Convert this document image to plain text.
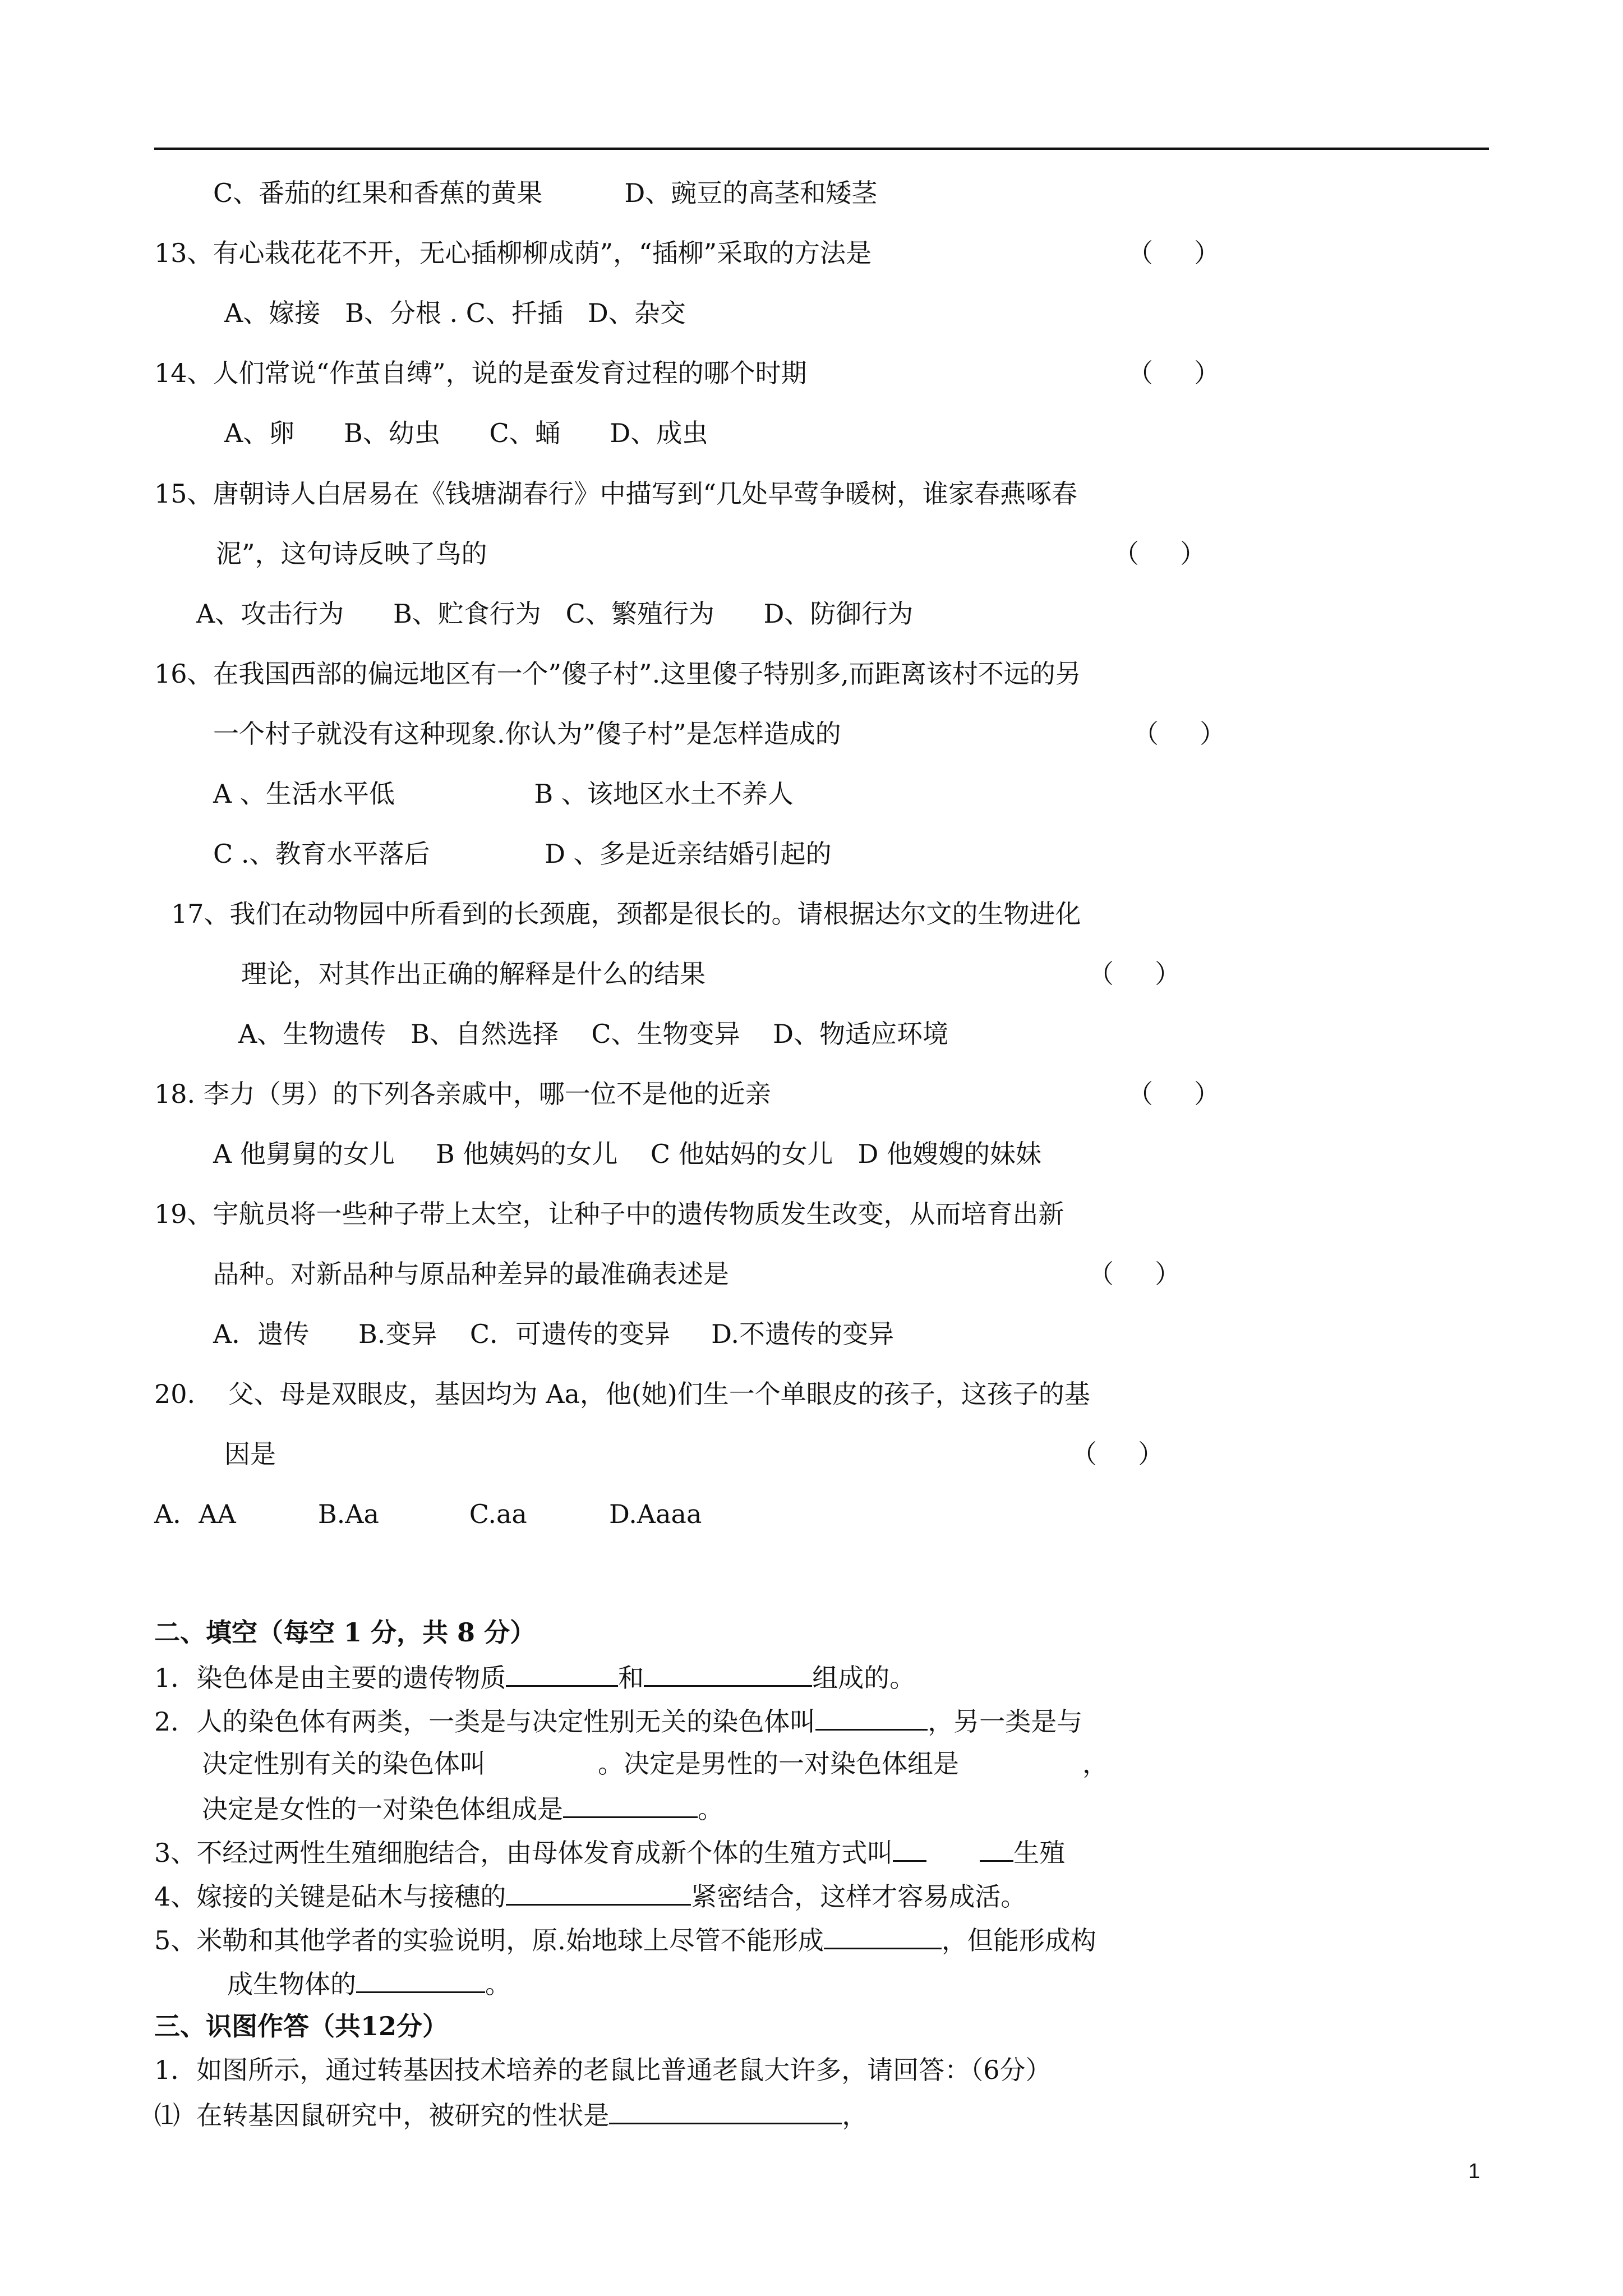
C、番茄的红果和香蕉的黄果          D、豌豆的高茎和矮茎
13、有心栽花花不开，无心插柳柳成荫”，“插柳”采取的方法是	（     ）
A、嫁接   B、分根 . C、扦插   D、杂交
14、人们常说“作茧自缚”，说的是蚕发育过程的哪个时期	（     ）
A、卵      B、幼虫      C、蛹      D、成虫
15、唐朝诗人白居易在《钱塘湖春行》中描写到“几处早莺争暖树，谁家春燕啄春
泥”，这句诗反映了鸟的	（     ）
A、攻击行为      B、贮食行为   C、繁殖行为      D、防御行为
16、在我国西部的偏远地区有一个”傻子村”.这里傻子特别多,而距离该村不远的另
一个村子就没有这种现象.你认为”傻子村”是怎样造成的	（     ）
A 、生活水平低                 B 、该地区水土不养人
C .、教育水平落后              D 、多是近亲结婚引起的
17、我们在动物园中所看到的长颈鹿，颈都是很长的。请根据达尔文的生物进化
理论，对其作出正确的解释是什么的结果	（     ）
A、生物遗传   B、自然选择    C、生物变异    D、物适应环境
18. 李力（男）的下列各亲戚中，哪一位不是他的近亲	（     ）
A 他舅舅的女儿     B 他姨妈的女儿    C 他姑妈的女儿   D 他嫂嫂的妹妹
19、宇航员将一些种子带上太空，让种子中的遗传物质发生改变，从而培育出新
品种。对新品种与原品种差异的最准确表述是	（     ）
A．遗传      B.变异    C．可遗传的变异     D.不遗传的变异
20.    父、母是双眼皮，基因均为 Aa，他(她)们生一个单眼皮的孩子，这孩子的基
因是	（     ）
A．AA          B.Aa           C.aa          D.Aaaa
二、填空（每空 1 分，共 8 分）
1．染色体是由主要的遗传物质	和	组成的。
2．人的染色体有两类，一类是与决定性别无关的染色体叫	，另一类是与
决定性别有关的染色体叫	。决定是男性的一对染色体组是	，
决定是女性的一对染色体组成是	。
3、不经过两性生殖细胞结合，由母体发育成新个体的生殖方式叫	生殖
4、嫁接的关键是砧木与接穗的	紧密结合，这样才容易成活。
5、米勒和其他学者的实验说明，原.始地球上尽管不能形成	，但能形成构
成生物体的	。
三、识图作答（共12分）
1．如图所示，通过转基因技术培养的老鼠比普通老鼠大许多，请回答：（6分）
⑴  在转基因鼠研究中，被研究的性状是	，
1
